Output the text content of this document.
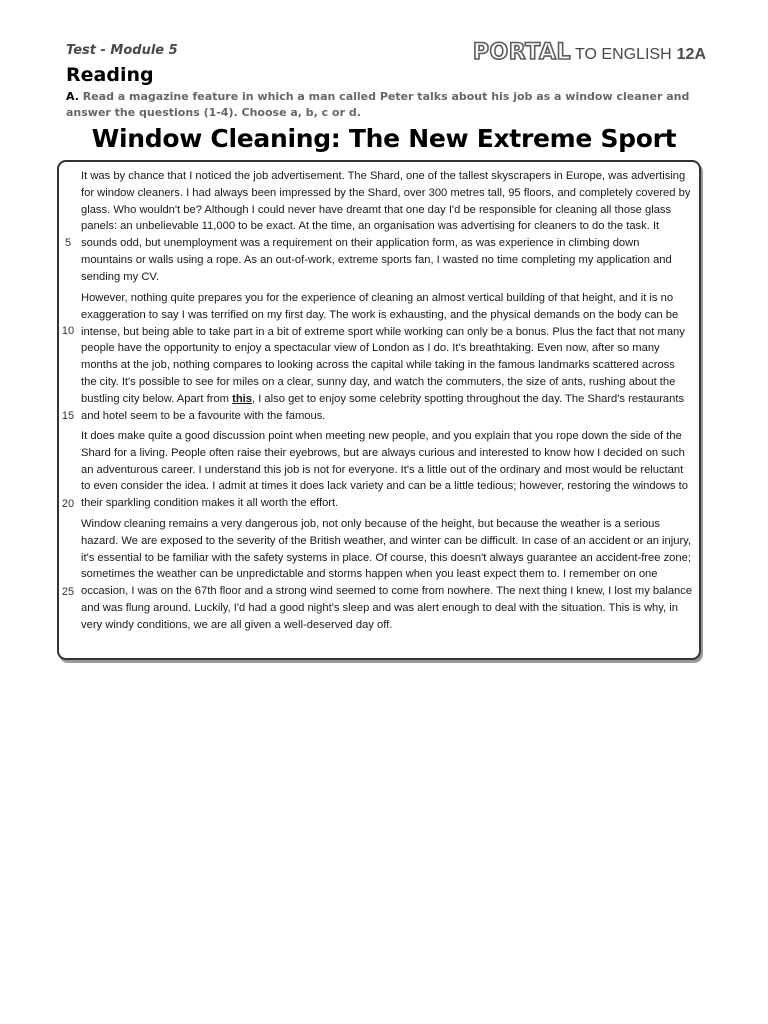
Test - Module 5	PORTAL TO ENGLISH 12A
Reading
A. Read a magazine feature in which a man called Peter talks about his job as a window cleaner and answer the questions (1-4). Choose a, b, c or d.
Window Cleaning: The New Extreme Sport

It was by chance that I noticed the job advertisement. The Shard, one of the tallest skyscrapers in Europe, was advertising for window cleaners. I had always been impressed by the Shard, over 300 metres tall, 95 floors, and completely covered by glass. Who wouldn't be? Although I could never have dreamt that one day I'd be responsible for cleaning all those glass panels: an unbelievable 11,000 to be exact. At the time, an organisation was advertising for cleaners to do the task. It sounds odd, but unemployment was a requirement on their application form, as was experience in climbing down mountains or walls using a rope. As an out-of-work, extreme sports fan, I wasted no time completing my application and sending my CV.

However, nothing quite prepares you for the experience of cleaning an almost vertical building of that height, and it is no exaggeration to say I was terrified on my first day. The work is exhausting, and the physical demands on the body can be intense, but being able to take part in a bit of extreme sport while working can only be a bonus. Plus the fact that not many people have the opportunity to enjoy a spectacular view of London as I do. It's breathtaking. Even now, after so many months at the job, nothing compares to looking across the capital while taking in the famous landmarks scattered across the city. It's possible to see for miles on a clear, sunny day, and watch the commuters, the size of ants, rushing about the bustling city below. Apart from this, I also get to enjoy some celebrity spotting throughout the day. The Shard's restaurants and hotel seem to be a favourite with the famous.

It does make quite a good discussion point when meeting new people, and you explain that you rope down the side of the Shard for a living. People often raise their eyebrows, but are always curious and interested to know how I decided on such an adventurous career. I understand this job is not for everyone. It's a little out of the ordinary and most would be reluctant to even consider the idea. I admit at times it does lack variety and can be a little tedious; however, restoring the windows to their sparkling condition makes it all worth the effort.

Window cleaning remains a very dangerous job, not only because of the height, but because the weather is a serious hazard. We are exposed to the severity of the British weather, and winter can be difficult. In case of an accident or an injury, it's essential to be familiar with the safety systems in place. Of course, this doesn't always guarantee an accident-free zone; sometimes the weather can be unpredictable and storms happen when you least expect them to. I remember on one occasion, I was on the 67th floor and a strong wind seemed to come from nowhere. The next thing I knew, I lost my balance and was flung around. Luckily, I'd had a good night's sleep and was alert enough to deal with the situation. This is why, in very windy conditions, we are all given a well-deserved day off.

5
10
15
20
25
